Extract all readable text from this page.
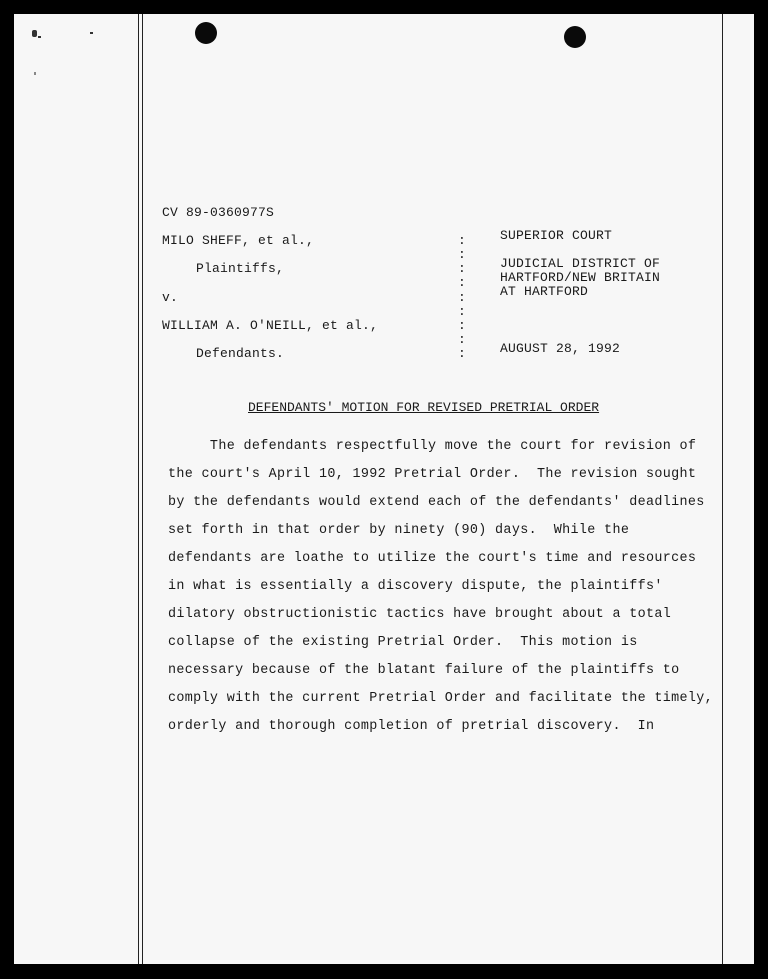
CV 89-0360977S
MILO SHEFF, et al.,
Plaintiffs,
v.
WILLIAM A. O'NEILL, et al.,
Defendants.
:
:
:
:
:
:
:
:
:
SUPERIOR COURT
JUDICIAL DISTRICT OF
HARTFORD/NEW BRITAIN
AT HARTFORD
AUGUST 28, 1992
DEFENDANTS' MOTION FOR REVISED PRETRIAL ORDER
The defendants respectfully move the court for revision of
the court's April 10, 1992 Pretrial Order.  The revision sought
by the defendants would extend each of the defendants' deadlines
set forth in that order by ninety (90) days.  While the
defendants are loathe to utilize the court's time and resources
in what is essentially a discovery dispute, the plaintiffs'
dilatory obstructionistic tactics have brought about a total
collapse of the existing Pretrial Order.  This motion is
necessary because of the blatant failure of the plaintiffs to
comply with the current Pretrial Order and facilitate the timely,
orderly and thorough completion of pretrial discovery.  In
